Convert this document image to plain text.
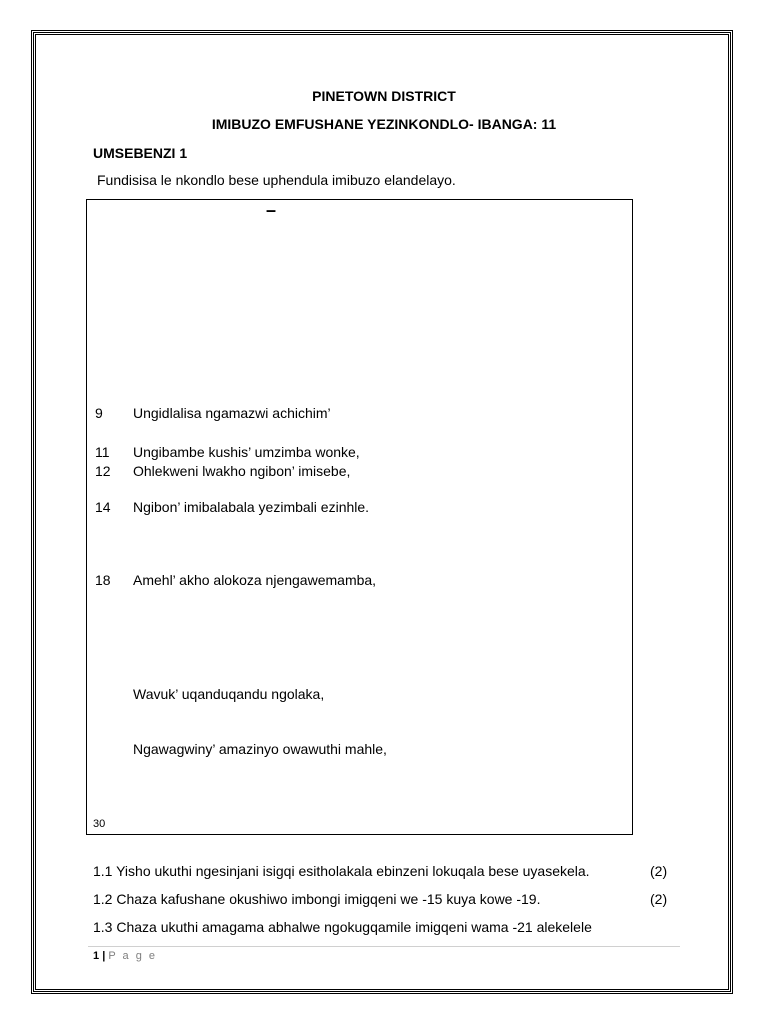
PINETOWN DISTRICT
IMIBUZO EMFUSHANE YEZINKONDLO- IBANGA: 11
UMSEBENZI 1
Fundisisa le nkondlo bese uphendula imibuzo elandelayo.
–
9	Ungidlalisa ngamazwi achichim’
11	Ungibambe kushis’ umzimba wonke,
12	Ohlekweni lwakho ngibon’ imisebe,
14	Ngibon’ imibalabala yezimbali ezinhle.
18	Amehl’ akho alokoza njengawemamba,
Wavuk’ uqanduqandu ngolaka,
Ngawagwiny’ amazinyo owawuthi mahle,
30
1.1 Yisho ukuthi ngesinjani isigqi esitholakala ebinzeni lokuqala bese uyasekela.	(2)
1.2 Chaza kafushane okushiwo imbongi imigqeni we -15 kuya kowe -19.	(2)
1.3 Chaza ukuthi amagama abhalwe ngokugqamile imigqeni wama -21 alekelele
1 | P a g e
